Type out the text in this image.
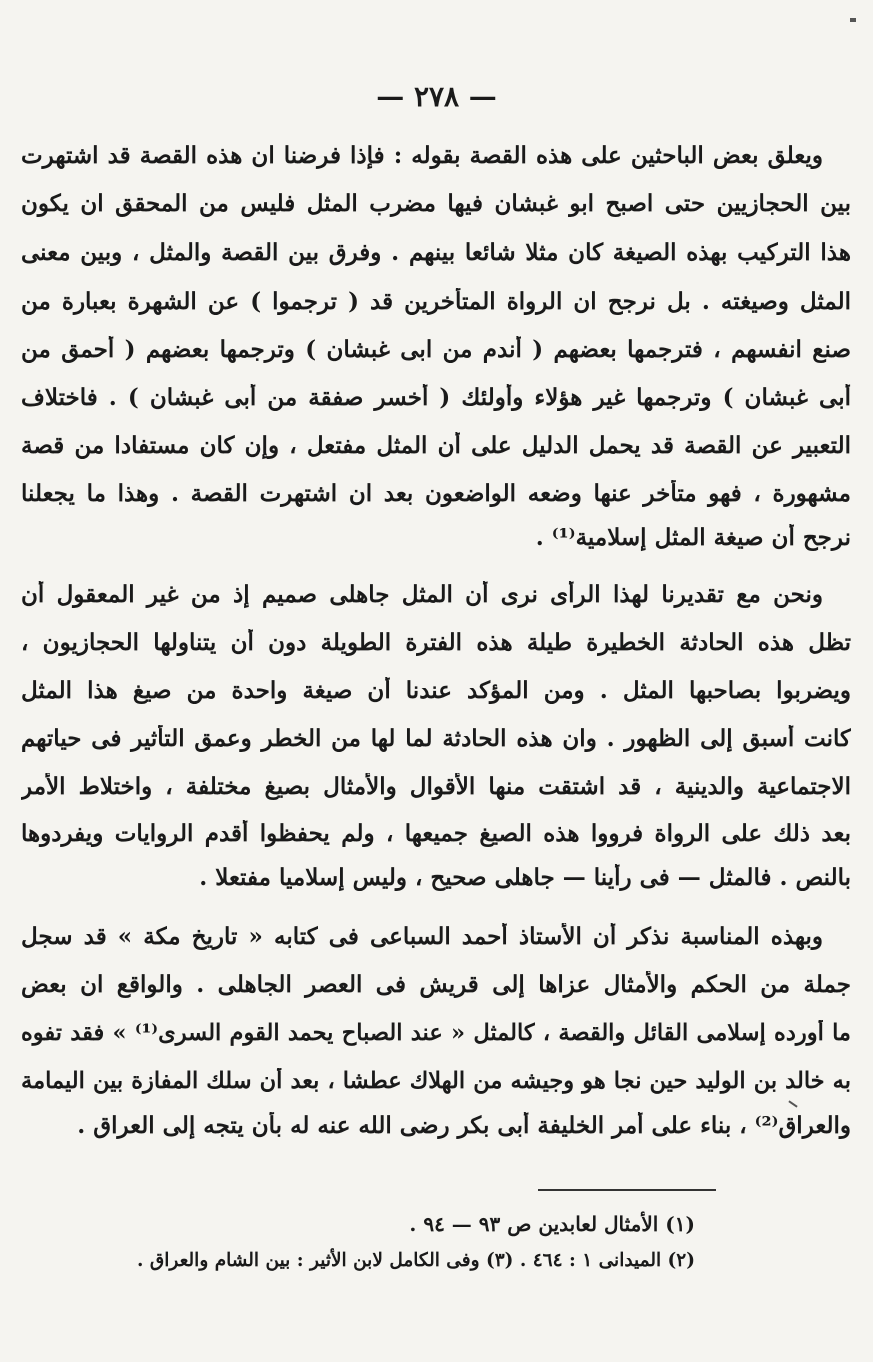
— ٢٧٨ —
ويعلق بعض الباحثين على هذه القصة بقوله : فإذا فرضنا ان هذه القصة قد اشتهرت
بين الحجازيين حتى اصبح ابو غبشان فيها مضرب المثل فليس من المحقق ان يكون
هذا التركيب بهذه الصيغة كان مثلا شائعا بينهم . وفرق بين القصة والمثل ، وبين معنى
المثل وصيغته . بل نرجح ان الرواة المتأخرين قد ( ترجموا ) عن الشهرة بعبارة من
صنع انفسهم ، فترجمها بعضهم ( أندم من ابى غبشان ) وترجمها بعضهم ( أحمق من
أبى غبشان ) وترجمها غير هؤلاء وأولئك ( أخسر صفقة من أبى غبشان ) . فاختلاف
التعبير عن القصة قد يحمل الدليل على أن المثل مفتعل ، وإن كان مستفادا من قصة
مشهورة ، فهو متأخر عنها وضعه الواضعون بعد ان اشتهرت القصة . وهذا ما يجعلنا
نرجح أن صيغة المثل إسلامية⁽¹⁾ .
ونحن مع تقديرنا لهذا الرأى نرى أن المثل جاهلى صميم إذ من غير المعقول أن
تظل هذه الحادثة الخطيرة طيلة هذه الفترة الطويلة دون أن يتناولها الحجازيون ،
ويضربوا بصاحبها المثل . ومن المؤكد عندنا أن صيغة واحدة من صيغ هذا المثل
كانت أسبق إلى الظهور . وان هذه الحادثة لما لها من الخطر وعمق التأثير فى حياتهم
الاجتماعية والدينية ، قد اشتقت منها الأقوال والأمثال بصيغ مختلفة ، واختلاط الأمر
بعد ذلك على الرواة فرووا هذه الصيغ جميعها ، ولم يحفظوا أقدم الروايات ويفردوها
بالنص . فالمثل — فى رأينا — جاهلى صحيح ، وليس إسلاميا مفتعلا .
وبهذه المناسبة نذكر أن الأستاذ أحمد السباعى فى كتابه « تاريخ مكة » قد سجل
جملة من الحكم والأمثال عزاها إلى قريش فى العصر الجاهلى . والواقع ان بعض
ما أورده إسلامى القائل والقصة ، كالمثل « عند الصباح يحمد القوم السرى⁽¹⁾ » فقد تفوه
به خالد بن الوليد حين نجا هو وجيشه من الهلاك عطشا ، بعد أن سلك المفازة بين اليمامة
والعراق⁽²⁾ ، بناء على أمر الخليفة أبى بكر رضى الله عنه له بأن يتجه إلى العراق .
(١) الأمثال لعابدين ص ٩٣ — ٩٤ .
(٢) الميدانى ١ : ٤٦٤ . (٣) وفى الكامل لابن الأثير : بين الشام والعراق .
